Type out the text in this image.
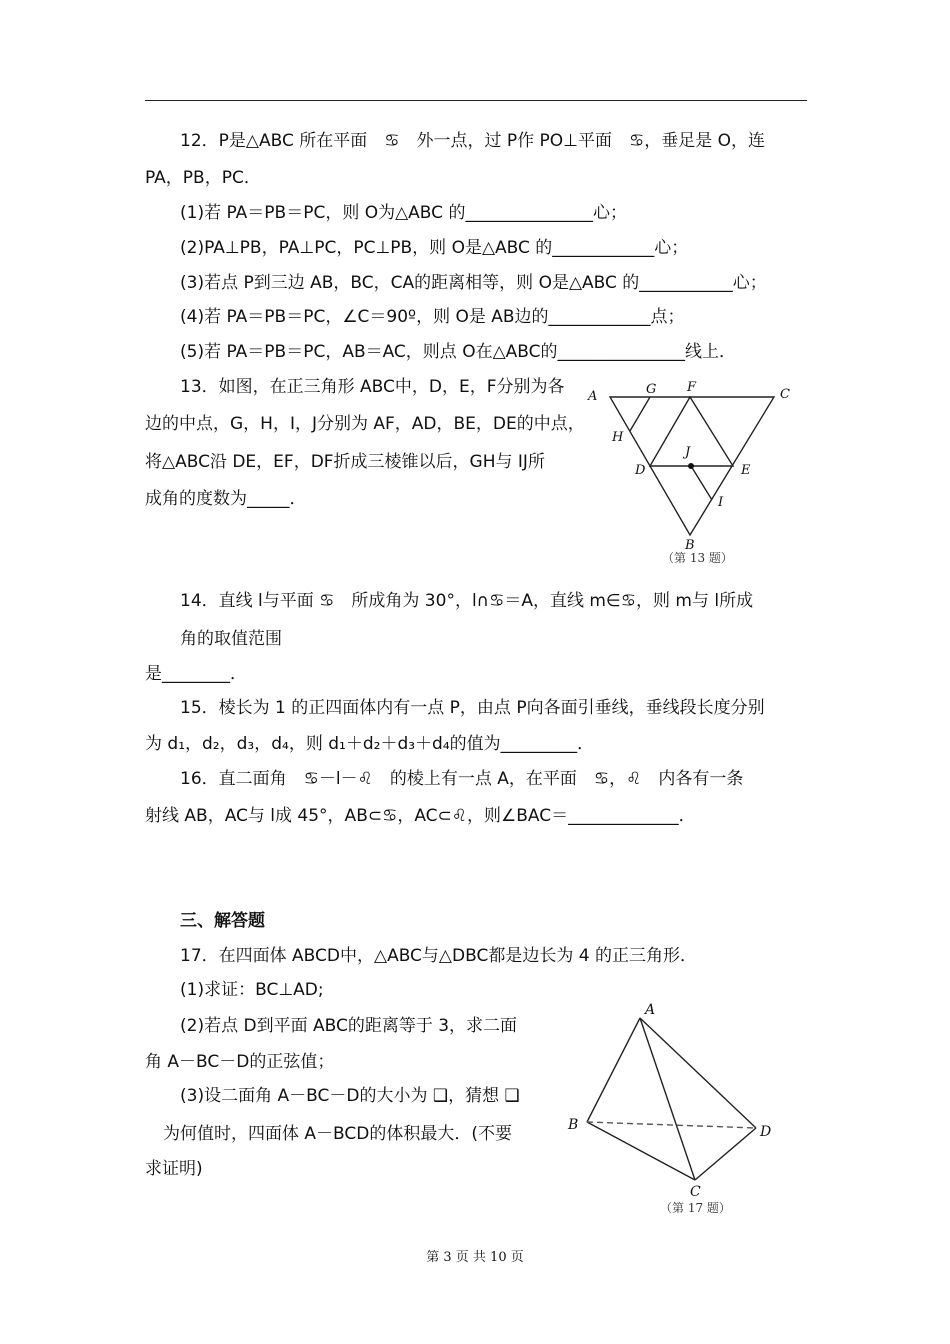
12．P是△ABC 所在平面　♋　外一点，过 P作 PO⊥平面　♋，垂足是 O，连
PA，PB，PC．
(1)若 PA＝PB＝PC，则 O为△ABC 的_______________心；
(2)PA⊥PB，PA⊥PC，PC⊥PB，则 O是△ABC 的____________心；
(3)若点 P到三边 AB，BC，CA的距离相等，则 O是△ABC 的___________心；
(4)若 PA＝PB＝PC，∠C＝90º，则 O是 AB边的____________点；
(5)若 PA＝PB＝PC，AB＝AC，则点 O在△ABC的_______________线上．
13．如图，在正三角形 ABC中，D，E，F分别为各
边的中点，G，H，I，J分别为 AF，AD，BE，DE的中点，
将△ABC沿 DE，EF，DF折成三棱锥以后，GH与 IJ所
成角的度数为_____．
A	G F	C
H
J
D	E
I
B
（第 13 题）
14．直线 l与平面 ♋　所成角为 30°，l∩♋＝A，直线 m∈♋，则 m与 l所成
角的取值范围
是________．
15．棱长为 1 的正四面体内有一点 P，由点 P向各面引垂线，垂线段长度分别
为 d₁，d₂，d₃，d₄，则 d₁＋d₂＋d₃＋d₄的值为_________．
16．直二面角　♋－l－♌　的棱上有一点 A，在平面　♋，♌　内各有一条
射线 AB，AC与 l成 45°，AB⊂♋，AC⊂♌，则∠BAC＝_____________．
三、解答题
17．在四面体 ABCD中，△ABC与△DBC都是边长为 4 的正三角形．
(1)求证：BC⊥AD;
(2)若点 D到平面 ABC的距离等于 3，求二面
角 A－BC－D的正弦值；
(3)设二面角 A－BC－D的大小为 ❑，猜想 ❑
为何值时，四面体 A－BCD的体积最大．(不要
求证明)
A
B
C
D
（第 17 题）
第 3 页 共 10 页
